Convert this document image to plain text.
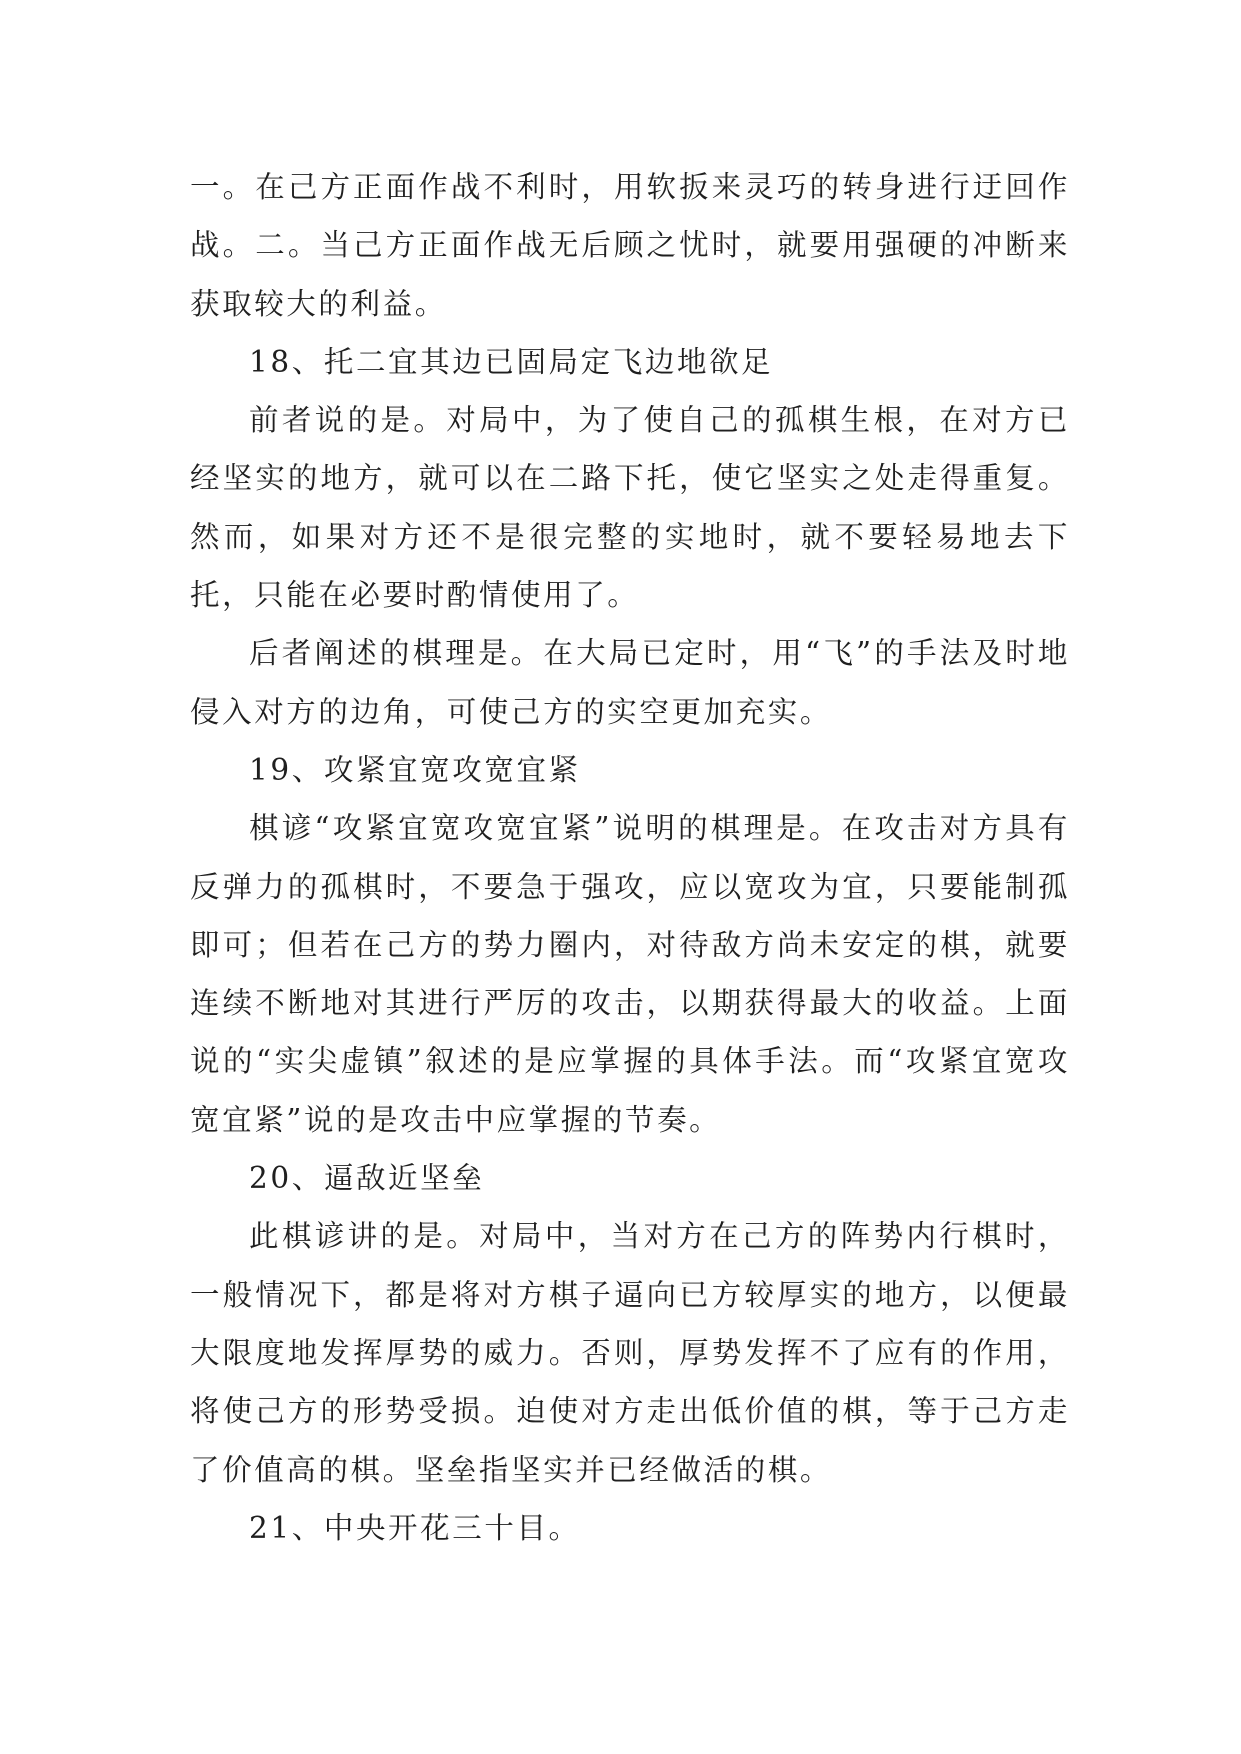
一。在己方正面作战不利时，用软扳来灵巧的转身进行迂回作战。二。当己方正面作战无后顾之忧时，就要用强硬的冲断来获取较大的利益。

18、托二宜其边已固局定飞边地欲足

前者说的是。对局中，为了使自己的孤棋生根，在对方已经坚实的地方，就可以在二路下托，使它坚实之处走得重复。然而，如果对方还不是很完整的实地时，就不要轻易地去下托，只能在必要时酌情使用了。

后者阐述的棋理是。在大局已定时，用“飞”的手法及时地侵入对方的边角，可使己方的实空更加充实。

19、攻紧宜宽攻宽宜紧

棋谚“攻紧宜宽攻宽宜紧”说明的棋理是。在攻击对方具有反弹力的孤棋时，不要急于强攻，应以宽攻为宜，只要能制孤即可；但若在己方的势力圈内，对待敌方尚未安定的棋，就要连续不断地对其进行严厉的攻击，以期获得最大的收益。上面说的“实尖虚镇”叙述的是应掌握的具体手法。而“攻紧宜宽攻宽宜紧”说的是攻击中应掌握的节奏。

20、逼敌近坚垒

此棋谚讲的是。对局中，当对方在己方的阵势内行棋时，一般情况下，都是将对方棋子逼向已方较厚实的地方，以便最大限度地发挥厚势的威力。否则，厚势发挥不了应有的作用，将使己方的形势受损。迫使对方走出低价值的棋，等于己方走了价值高的棋。坚垒指坚实并已经做活的棋。

21、中央开花三十目。
